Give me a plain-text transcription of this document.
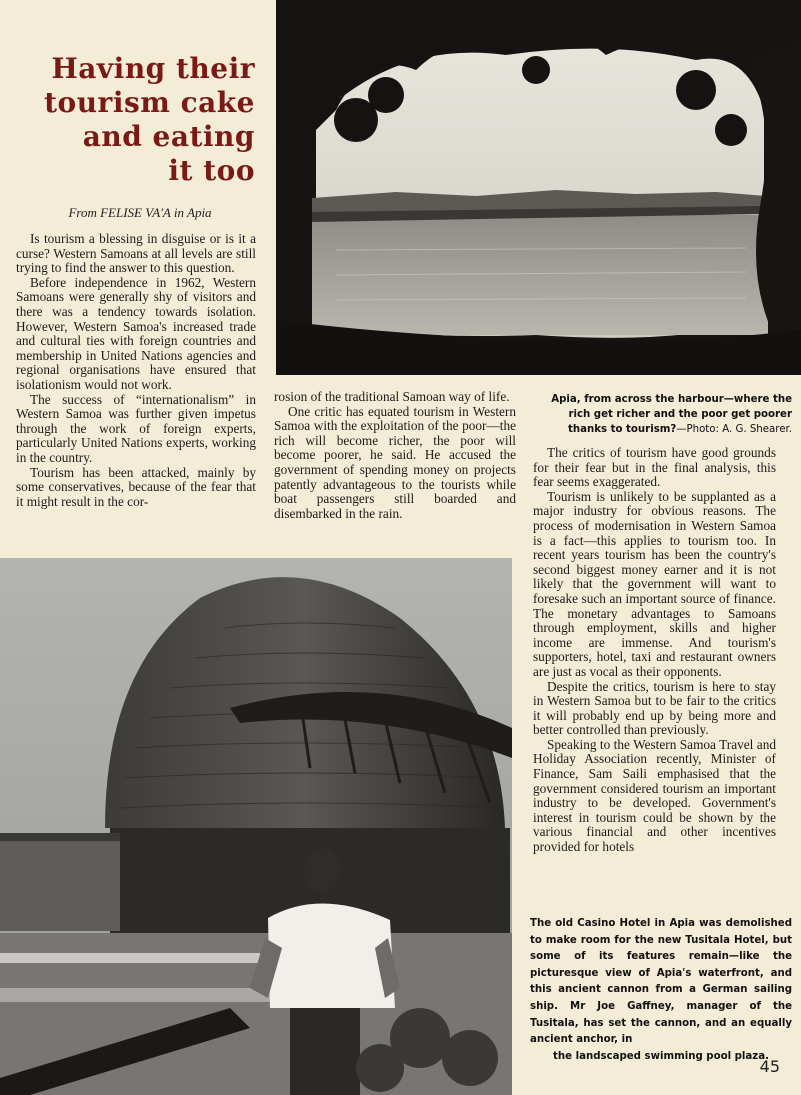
Having their
tourism cake
and eating
it too
From FELISE VA'A in Apia

Is tourism a blessing in disguise or is it a curse? Western Samoans at all levels are still trying to find the answer to this question.

Before independence in 1962, Western Samoans were generally shy of visitors and there was a tendency towards isolation. However, Western Samoa's increased trade and cultural ties with foreign countries and membership in United Nations agencies and regional organisations have ensured that isolationism would not work.

The success of “internationalism” in Western Samoa was further given impetus through the work of foreign experts, particularly United Nations experts, working in the country.

Tourism has been attacked, mainly by some conservatives, because of the fear that it might result in the cor-

Apia, from across the harbour—where the rich get richer and the poor get poorer thanks to tourism?—Photo: A. G. Shearer.

rosion of the traditional Samoan way of life.

One critic has equated tourism in Western Samoa with the exploitation of the poor—the rich will become richer, the poor will become poorer, he said. He accused the government of spending money on projects patently advantageous to the tourists while boat passengers still boarded and disembarked in the rain.

The critics of tourism have good grounds for their fear but in the final analysis, this fear seems exaggerated.

Tourism is unlikely to be supplanted as a major industry for obvious reasons. The process of modernisation in Western Samoa is a fact—this applies to tourism too. In recent years tourism has been the country's second biggest money earner and it is not likely that the government will want to foresake such an important source of finance. The monetary advantages to Samoans through employment, skills and higher income are immense. And tourism's supporters, hotel, taxi and restaurant owners are just as vocal as their opponents.

Despite the critics, tourism is here to stay in Western Samoa but to be fair to the critics it will probably end up by being more and better controlled than previously.

Speaking to the Western Samoa Travel and Holiday Association recently, Minister of Finance, Sam Saili emphasised that the government considered tourism an important industry to be developed. Government's interest in tourism could be shown by the various financial and other incentives provided for hotels

The old Casino Hotel in Apia was demolished to make room for the new Tusitala Hotel, but some of its features remain—like the picturesque view of Apia's waterfront, and this ancient cannon from a German sailing ship. Mr Joe Gaffney, manager of the Tusitala, has set the cannon, and an equally ancient anchor, in
the landscaped swimming pool plaza.
45
